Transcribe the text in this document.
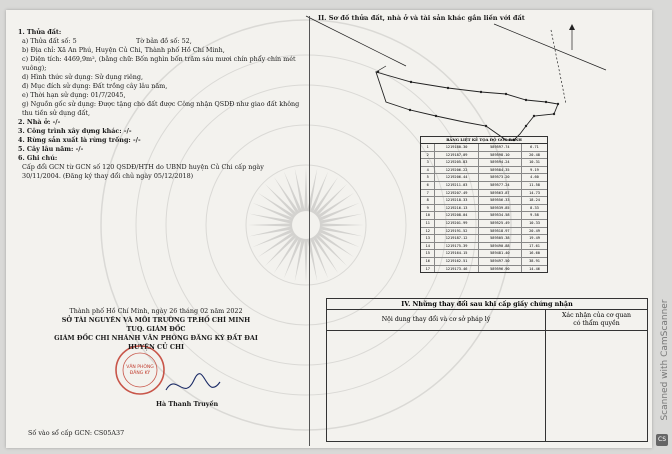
VĂN PHÒNG
ĐĂNG KÝ
1. Thửa đất:
a) Thửa đất số: 5	Tờ bản đồ số: 52,
b) Địa chỉ: Xã An Phú, Huyện Củ Chi, Thành phố Hồ Chí Minh,
c) Diện tích: 4469,9m², (bằng chữ: Bốn nghìn bốn trăm sáu mươi chín phẩy chín mét
vuông);
d) Hình thức sử dụng: Sử dụng riêng,
đ) Mục đích sử dụng: Đất trồng cây lâu năm,
e) Thời hạn sử dụng: 01/7/2045,
g) Nguồn gốc sử dụng: Được tặng cho đất được Công nhận QSDĐ như giao đất không
thu tiền sử dụng đất,
2. Nhà ở: -/-
3. Công trình xây dựng khác: -/-
4. Rừng sản xuất là rừng trồng: -/-
5. Cây lâu năm: -/-
6. Ghi chú:
Cấp đổi GCN từ GCN số 120 QSDĐ/HTH do UBND huyện Củ Chi cấp ngày
30/11/2004. (Đăng ký thay đổi chủ ngày 05/12/2018)
Thành phố Hồ Chí Minh, ngày 26 tháng 02 năm 2022
SỞ TÀI NGUYÊN VÀ MÔI TRƯỜNG TP.HỒ CHÍ MINH
TUQ. GIÁM ĐỐC
GIÁM ĐỐC CHI NHÁNH VĂN PHÒNG ĐĂNG KÝ ĐẤT ĐAI
HUYỆN CỦ CHI
Hà Thanh Truyền
Số vào sổ cấp GCN: CS05A37
II. Sơ đồ thửa đất, nhà ở và tài sản khác gắn liền với đất
BẢNG LIỆT KÊ TỌA ĐỘ GÓC RANH
1	1219180.30	589597.74	6.71
2	1219187.09	589598.10	20.48
3	1219205.83	589594.24	10.31
4	1219206.22	589584.35	9.19
5	1219206.44	589573.20	4.60
6	1219211.03	589577.24	11.58
7	1219207.49	589563.87	14.73
8	1219218.33	589556.33	18.24
9	1219216.13	589539.85	8.33
10	1219208.04	589534.58	9.58
11	1219201.99	589525.49	10.33
12	1219191.52	589518.97	20.49
13	1219187.12	589505.38	19.49
14	1219175.39	589490.88	17.61
15	1219164.15	589481.40	16.60
16	1219162.51	589497.50	38.91
17	1219173.46	589596.90	14.46
IV. Những thay đổi sau khi cấp giấy chứng nhận
Nội dung thay đổi và cơ sở pháp lý
Xác nhận của cơ quan
có thẩm quyền	Scanned with CamScanner
CS
